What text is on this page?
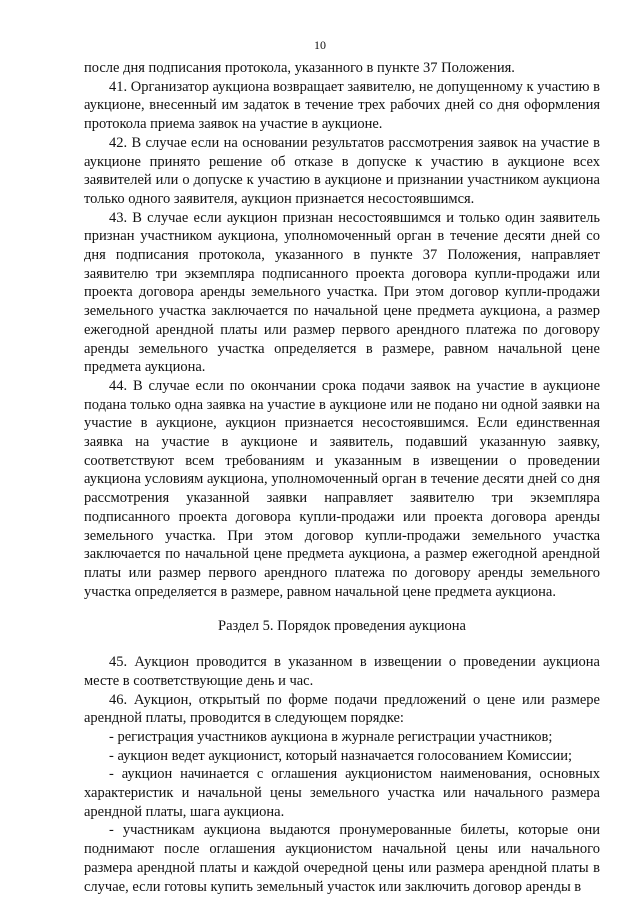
10

после дня подписания протокола, указанного в пункте 37 Положения.

41. Организатор аукциона возвращает заявителю, не допущенному к участию в аукционе, внесенный им задаток в течение трех рабочих дней со дня оформления протокола приема заявок на участие в аукционе.

42. В случае если на основании результатов рассмотрения заявок на участие в аукционе принято решение об отказе в допуске к участию в аукционе всех заявителей или о допуске к участию в аукционе и признании участником аукциона только одного заявителя, аукцион признается несостоявшимся.

43. В случае если аукцион признан несостоявшимся и только один заявитель признан участником аукциона, уполномоченный орган в течение десяти дней со дня подписания протокола, указанного в пункте 37 Положения, направляет заявителю три экземпляра подписанного проекта договора купли-продажи или проекта договора аренды земельного участка. При этом договор купли-продажи земельного участка заключается по начальной цене предмета аукциона, а размер ежегодной арендной платы или размер первого арендного платежа по договору аренды земельного участка определяется в размере, равном начальной цене предмета аукциона.

44. В случае если по окончании срока подачи заявок на участие в аукционе подана только одна заявка на участие в аукционе или не подано ни одной заявки на участие в аукционе, аукцион признается несостоявшимся. Если единственная заявка на участие в аукционе и заявитель, подавший указанную заявку, соответствуют всем требованиям и указанным в извещении о проведении аукциона условиям аукциона, уполномоченный орган в течение десяти дней со дня рассмотрения указанной заявки направляет заявителю три экземпляра подписанного проекта договора купли-продажи или проекта договора аренды земельного участка. При этом договор купли-продажи земельного участка заключается по начальной цене предмета аукциона, а размер ежегодной арендной платы или размер первого арендного платежа по договору аренды земельного участка определяется в размере, равном начальной цене предмета аукциона.

Раздел 5. Порядок проведения аукциона

45. Аукцион проводится в указанном в извещении о проведении аукциона месте в соответствующие день и час.

46. Аукцион, открытый по форме подачи предложений о цене или размере арендной платы, проводится в следующем порядке:

- регистрация участников аукциона в журнале регистрации участников;

- аукцион ведет аукционист, который назначается голосованием Комиссии;

- аукцион начинается с оглашения аукционистом наименования, основных характеристик и начальной цены земельного участка или начального размера арендной платы, шага аукциона.

- участникам аукциона выдаются пронумерованные билеты, которые они поднимают после оглашения аукционистом начальной цены или начального размера арендной платы и каждой очередной цены или размера арендной платы в случае, если готовы купить земельный участок или заключить договор аренды в
